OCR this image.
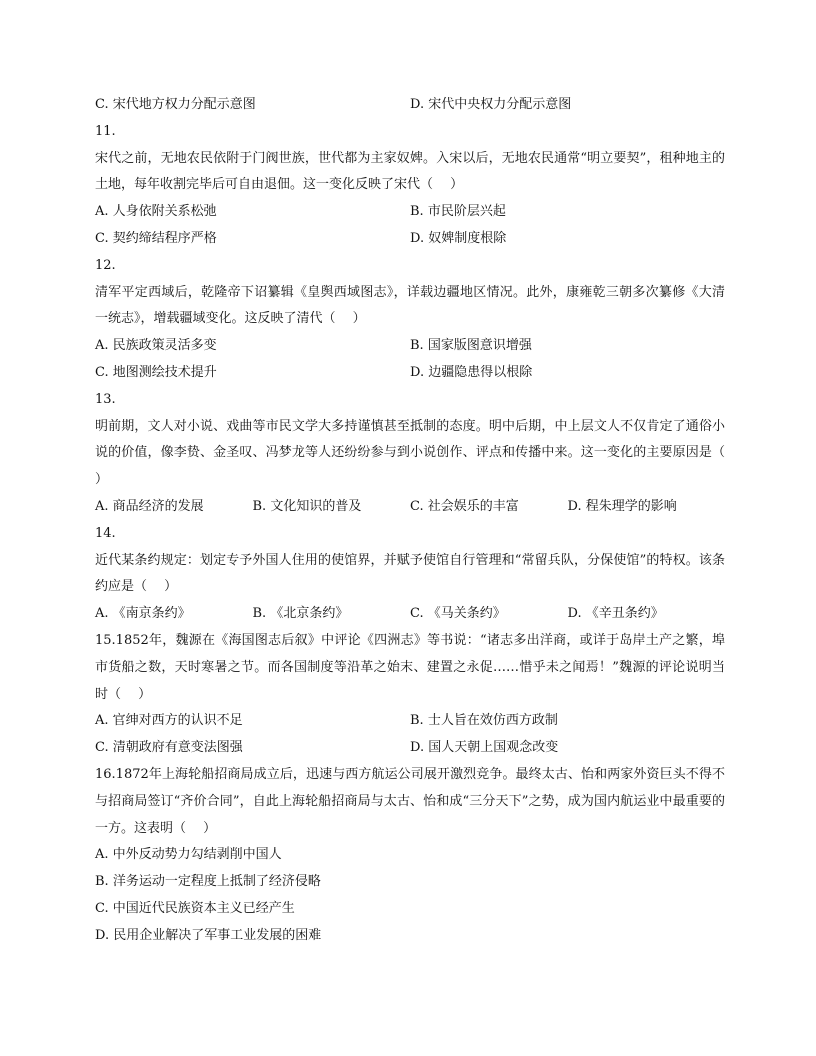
C. 宋代地方权力分配示意图	D. 宋代中央权力分配示意图
11.
宋代之前，无地农民依附于门阀世族，世代都为主家奴婢。入宋以后，无地农民通常“明立要契”，租种地主的土地，每年收割完毕后可自由退佃。这一变化反映了宋代（　 ）
A. 人身依附关系松弛	B. 市民阶层兴起
C. 契约缔结程序严格	D. 奴婢制度根除
12.
清军平定西域后，乾隆帝下诏纂辑《皇舆西域图志》，详载边疆地区情况。此外，康雍乾三朝多次纂修《大清一统志》，增载疆域变化。这反映了清代（　 ）
A. 民族政策灵活多变	B. 国家版图意识增强
C. 地图测绘技术提升	D. 边疆隐患得以根除
13.
明前期，文人对小说、戏曲等市民文学大多持谨慎甚至抵制的态度。明中后期，中上层文人不仅肯定了通俗小说的价值，像李贽、金圣叹、冯梦龙等人还纷纷参与到小说创作、评点和传播中来。这一变化的主要原因是（　 ）
A. 商品经济的发展	B. 文化知识的普及	C. 社会娱乐的丰富	D. 程朱理学的影响
14.
近代某条约规定：划定专予外国人住用的使馆界，并赋予使馆自行管理和“常留兵队，分保使馆”的特权。该条约应是（　 ）
A. 《南京条约》	B. 《北京条约》	C. 《马关条约》	D. 《辛丑条约》
15.1852年，魏源在《海国图志后叙》中评论《四洲志》等书说：“诸志多出洋商，或详于岛岸土产之繁，埠市货船之数，天时寒暑之节。而各国制度等沿革之始末、建置之永促……惜乎未之闻焉！”魏源的评论说明当时（　 ）
A. 官绅对西方的认识不足	B. 士人旨在效仿西方政制
C. 清朝政府有意变法图强	D. 国人天朝上国观念改变
16.1872年上海轮船招商局成立后，迅速与西方航运公司展开激烈竞争。最终太古、怡和两家外资巨头不得不与招商局签订“齐价合同”，自此上海轮船招商局与太古、怡和成“三分天下”之势，成为国内航运业中最重要的一方。这表明（　 ）
A. 中外反动势力勾结剥削中国人
B. 洋务运动一定程度上抵制了经济侵略
C. 中国近代民族资本主义已经产生
D. 民用企业解决了军事工业发展的困难
